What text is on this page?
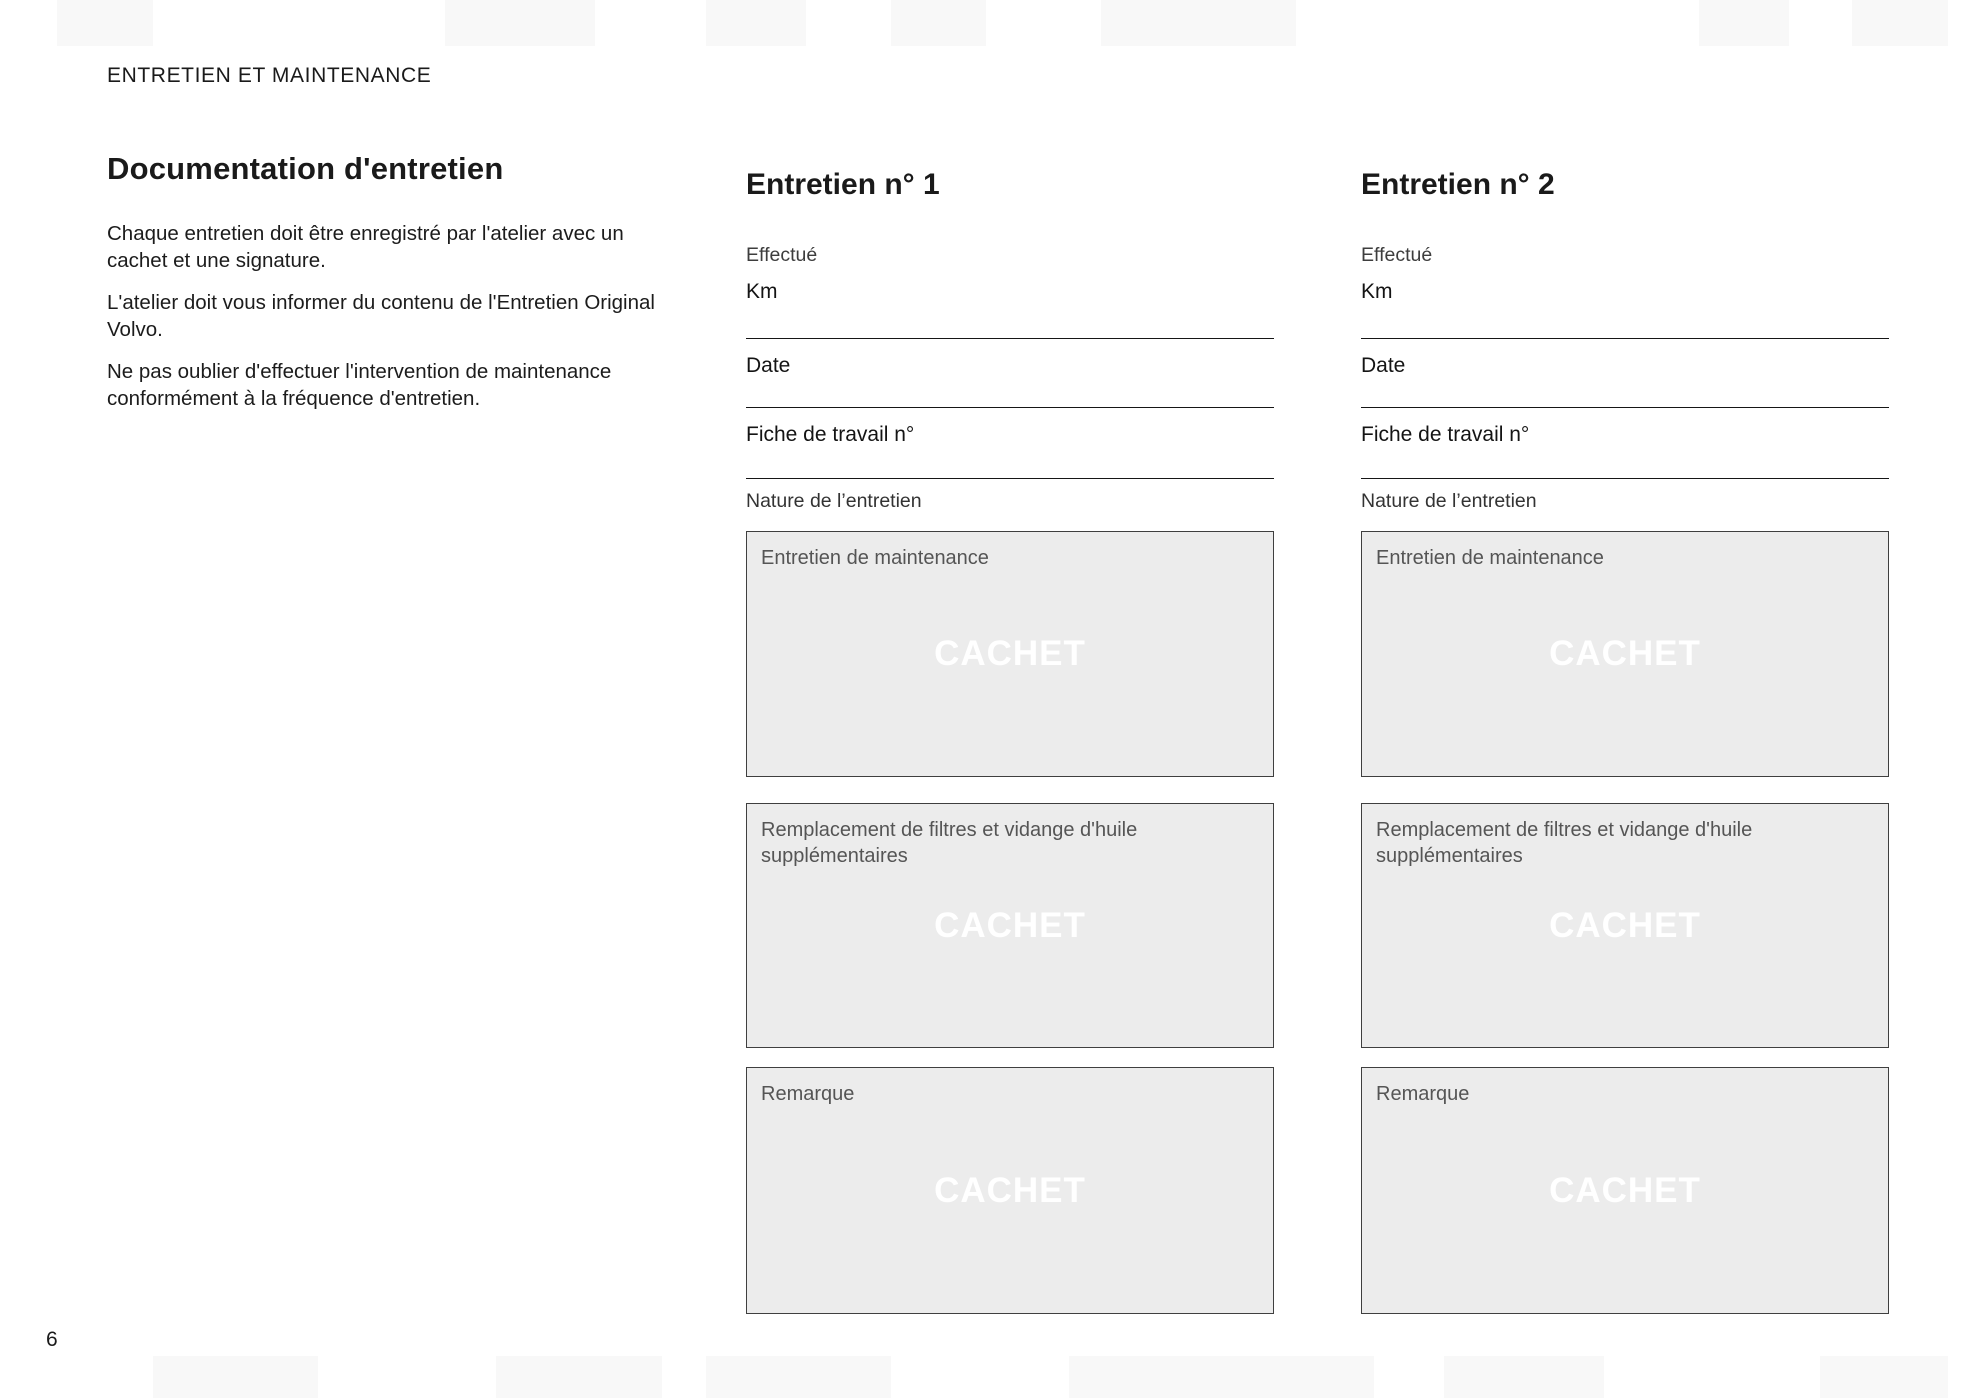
ENTRETIEN ET MAINTENANCE
Documentation d'entretien

Chaque entretien doit être enregistré par l'atelier avec un cachet et une signature.

L'atelier doit vous informer du contenu de l'Entretien Original Volvo.

Ne pas oublier d'effectuer l'intervention de maintenance conformément à la fréquence d'entretien.

Entretien n° 1
Effectué
Km
Date
Fiche de travail n°
Nature de l’entretien
Entretien de maintenance
CACHET
Remplacement de filtres et vidange d'huile supplémentaires
CACHET
Remarque
CACHET
Entretien n° 2
Effectué
Km
Date
Fiche de travail n°
Nature de l’entretien
Entretien de maintenance
CACHET
Remplacement de filtres et vidange d'huile supplémentaires
CACHET
Remarque
CACHET
6
